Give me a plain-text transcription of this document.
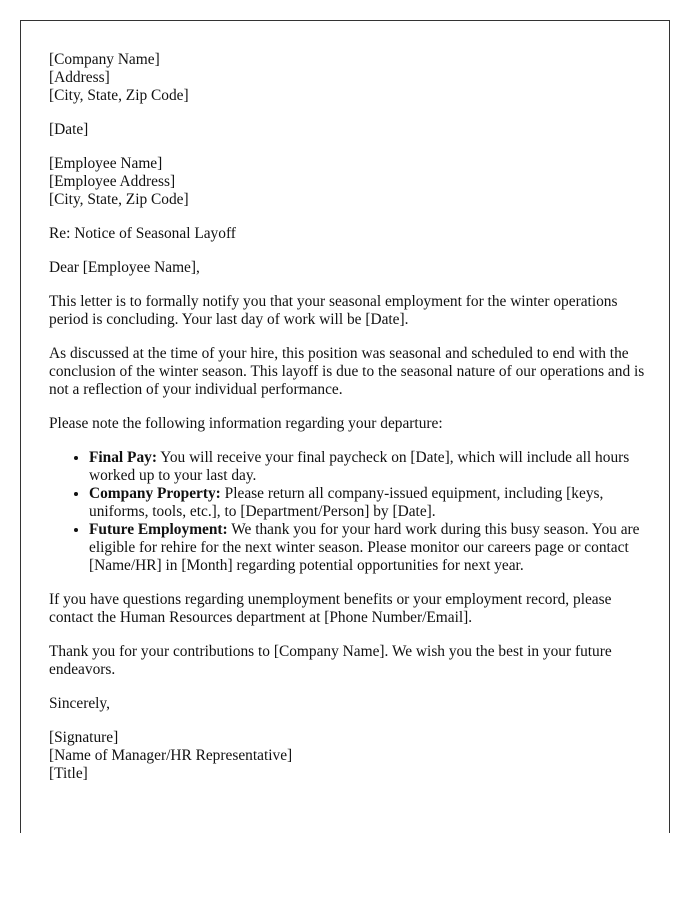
[Company Name]
[Address]
[City, State, Zip Code]

[Date]

[Employee Name]
[Employee Address]
[City, State, Zip Code]

Re: Notice of Seasonal Layoff

Dear [Employee Name],

This letter is to formally notify you that your seasonal employment for the winter operations period is concluding. Your last day of work will be [Date].

As discussed at the time of your hire, this position was seasonal and scheduled to end with the conclusion of the winter season. This layoff is due to the seasonal nature of our operations and is not a reflection of your individual performance.

Please note the following information regarding your departure:

• Final Pay: You will receive your final paycheck on [Date], which will include all hours worked up to your last day.
• Company Property: Please return all company-issued equipment, including [keys, uniforms, tools, etc.], to [Department/Person] by [Date].
• Future Employment: We thank you for your hard work during this busy season. You are eligible for rehire for the next winter season. Please monitor our careers page or contact [Name/HR] in [Month] regarding potential opportunities for next year.

If you have questions regarding unemployment benefits or your employment record, please contact the Human Resources department at [Phone Number/Email].

Thank you for your contributions to [Company Name]. We wish you the best in your future endeavors.

Sincerely,

[Signature]
[Name of Manager/HR Representative]
[Title]
